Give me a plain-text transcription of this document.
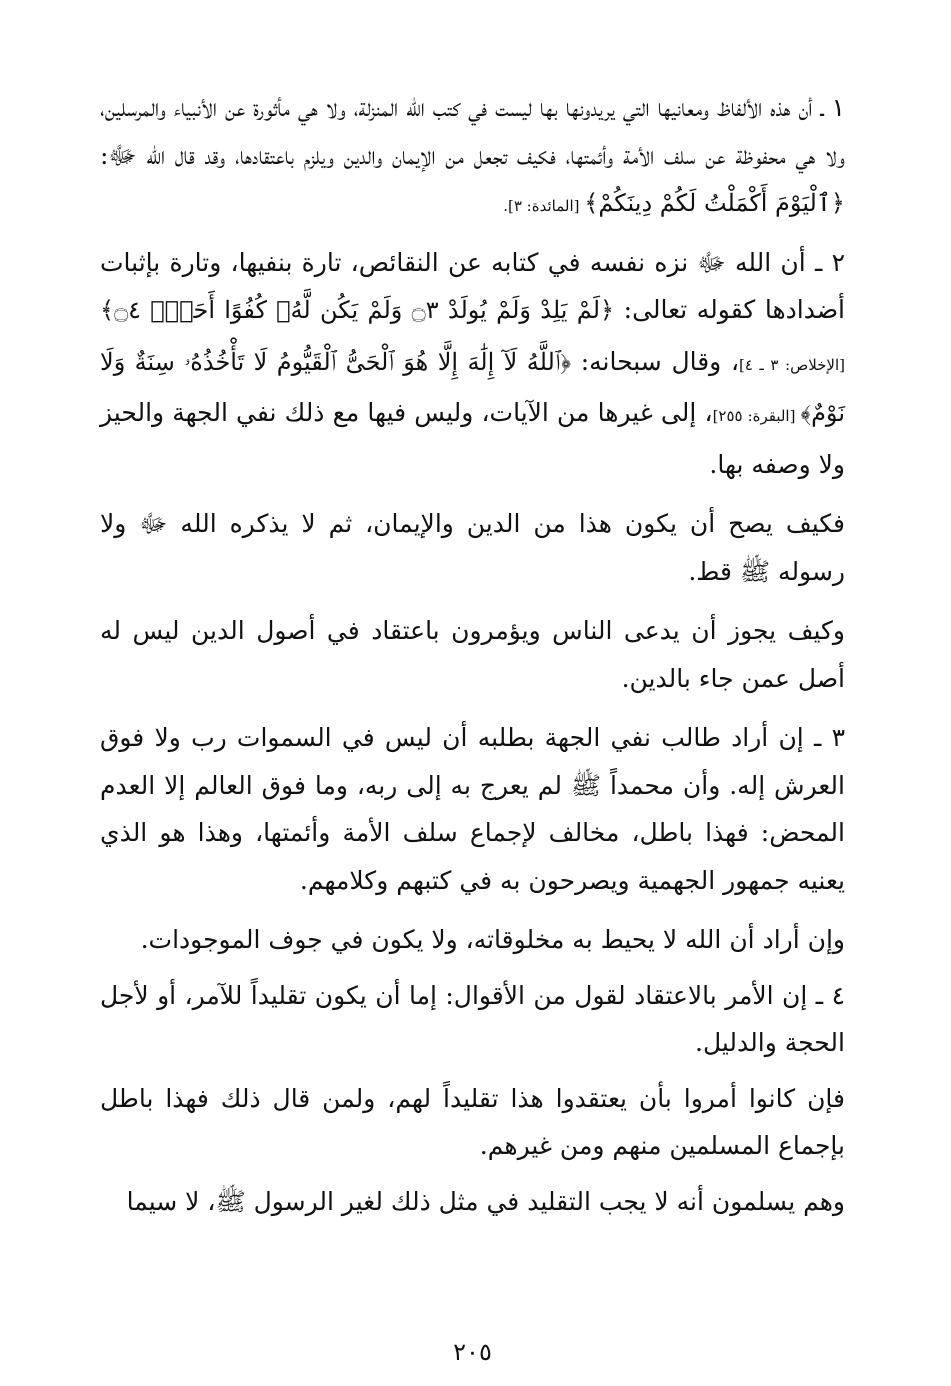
١ ـ أن هذه الألفاظ ومعانيها التي يريدونها بها ليست في كتب الله المنزلة، ولا هي مأثورة عن الأنبياء والمرسلين، ولا هي محفوظة عن سلف الأمة وأئمتها، فكيف تجعل من الإيمان والدين ويلزم باعتقادها، وقد قال الله ﷻ: ﴿ٱلْيَوْمَ أَكْمَلْتُ لَكُمْ دِينَكُمْ﴾ [المائدة: ٣].

٢ ـ أن الله ﷻ نزه نفسه في كتابه عن النقائص، تارة بنفيها، وتارة بإثبات أضدادها كقوله تعالى: ﴿لَمْ يَلِدْ وَلَمْ يُولَدْ ۝٣ وَلَمْ يَكُن لَّهُۥ كُفُوًا أَحَدٌۢ ۝٤﴾ [الإخلاص: ٣ ـ ٤]، وقال سبحانه: ﴿ٱللَّهُ لَآ إِلَٰهَ إِلَّا هُوَ ٱلْحَىُّ ٱلْقَيُّومُ لَا تَأْخُذُهُۥ سِنَةٌ وَلَا نَوْمٌ﴾ [البقرة: ٢٥٥]، إلى غيرها من الآيات، وليس فيها مع ذلك نفي الجهة والحيز ولا وصفه بها.

فكيف يصح أن يكون هذا من الدين والإيمان، ثم لا يذكره الله ﷻ ولا رسوله ﷺ قط.

وكيف يجوز أن يدعى الناس ويؤمرون باعتقاد في أصول الدين ليس له أصل عمن جاء بالدين.

٣ ـ إن أراد طالب نفي الجهة بطلبه أن ليس في السموات رب ولا فوق العرش إله. وأن محمداً ﷺ لم يعرج به إلى ربه، وما فوق العالم إلا العدم المحض: فهذا باطل، مخالف لإجماع سلف الأمة وأئمتها، وهذا هو الذي يعنيه جمهور الجهمية ويصرحون به في كتبهم وكلامهم.

وإن أراد أن الله لا يحيط به مخلوقاته، ولا يكون في جوف الموجودات.

٤ ـ إن الأمر بالاعتقاد لقول من الأقوال: إما أن يكون تقليداً للآمر، أو لأجل الحجة والدليل.

فإن كانوا أمروا بأن يعتقدوا هذا تقليداً لهم، ولمن قال ذلك فهذا باطل بإجماع المسلمين منهم ومن غيرهم.

وهم يسلمون أنه لا يجب التقليد في مثل ذلك لغير الرسول ﷺ، لا سيما

٢٠٥
